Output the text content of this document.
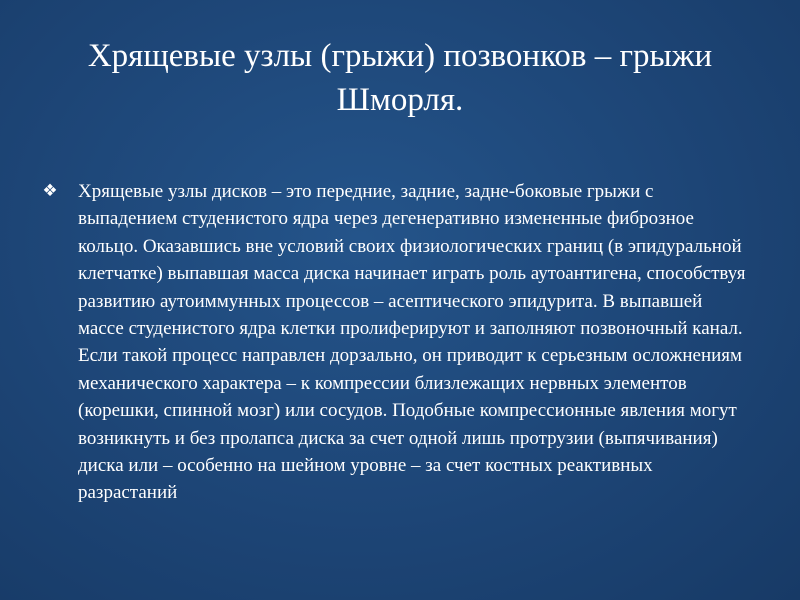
Хрящевые узлы (грыжи) позвонков – грыжи Шморля.
❖ Хрящевые узлы дисков – это передние, задние, задне-боковые грыжи с выпадением студенистого ядра через дегенеративно измененные фиброзное кольцо. Оказавшись вне условий своих физиологических границ (в эпидуральной клетчатке) выпавшая масса диска начинает играть роль аутоантигена, способствуя развитию аутоиммунных процессов – асептического эпидурита. В выпавшей массе студенистого ядра клетки пролиферируют и заполняют позвоночный канал. Если такой процесс направлен дорзально, он приводит к серьезным осложнениям механического характера – к компрессии близлежащих нервных элементов (корешки, спинной мозг) или сосудов. Подобные компрессионные явления могут возникнуть и без пролапса диска за счет одной лишь протрузии (выпячивания) диска или – особенно на шейном уровне – за счет костных реактивных разрастаний
